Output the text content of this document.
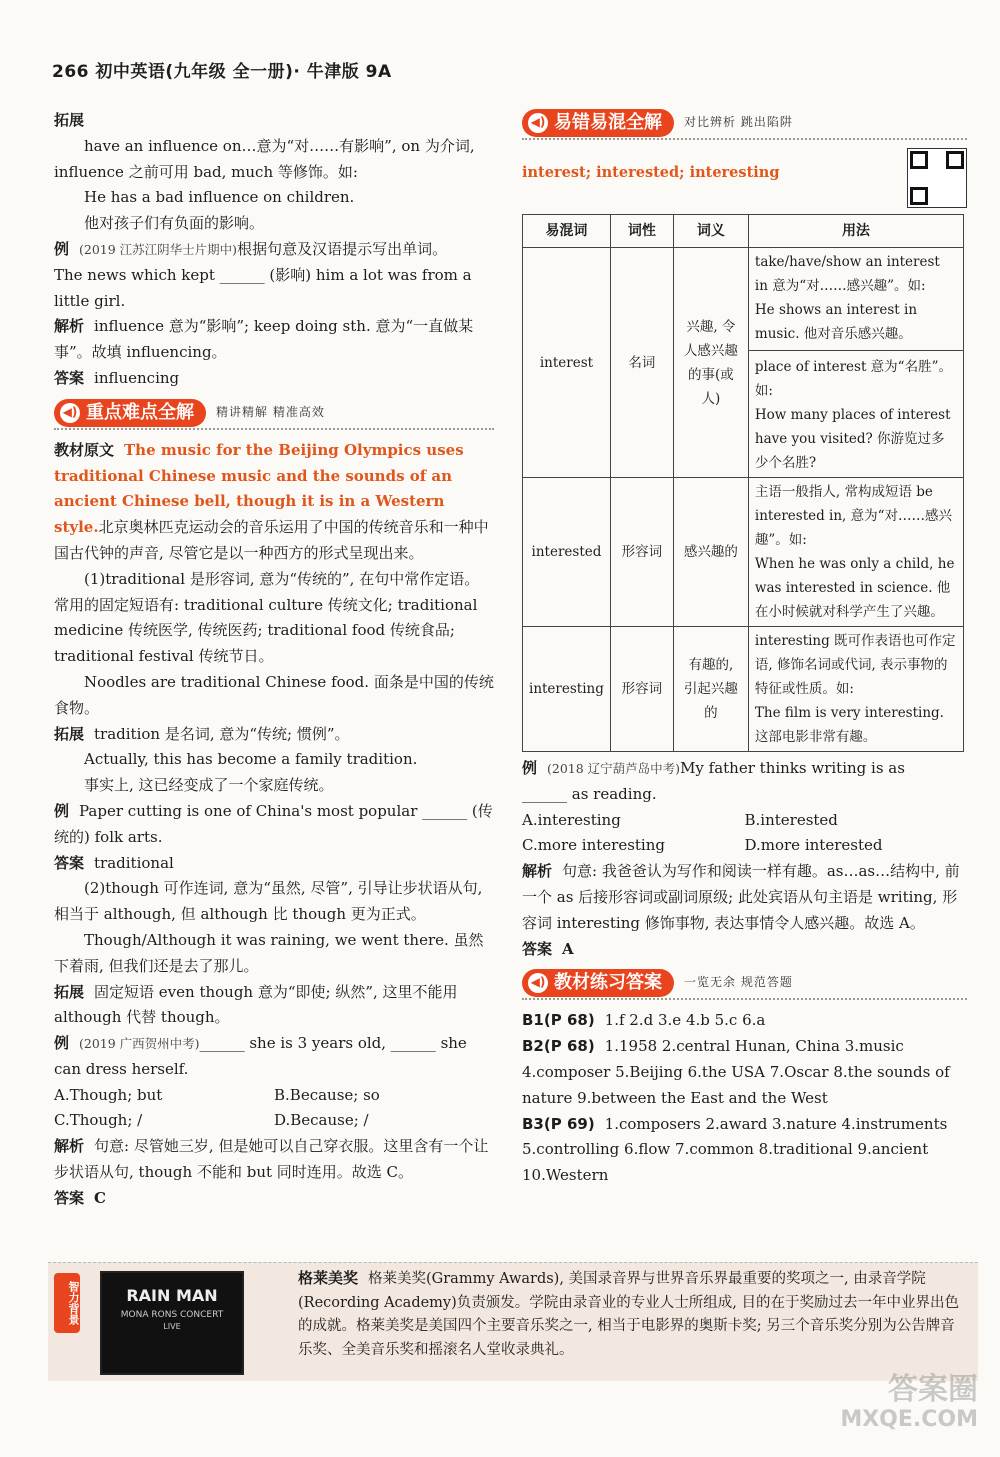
266 初中英语(九年级 全一册)· 牛津版 9A

拓展

have an influence on…意为“对……有影响”, on 为介词, influence 之前可用 bad, much 等修饰。如:

He has a bad influence on children.

他对孩子们有负面的影响。

例 (2019 江苏江阴华士片期中)根据句意及汉语提示写出单词。

The news which kept ______ (影响) him a lot was from a little girl.

解析 influence 意为“影响”; keep doing sth. 意为“一直做某事”。故填 influencing。

答案 influencing

◀) 重点难点全解 精讲精解 精准高效

教材原文 The music for the Beijing Olympics uses traditional Chinese music and the sounds of an ancient Chinese bell, though it is in a Western style.北京奥林匹克运动会的音乐运用了中国的传统音乐和一种中国古代钟的声音, 尽管它是以一种西方的形式呈现出来。

(1)traditional 是形容词, 意为“传统的”, 在句中常作定语。常用的固定短语有: traditional culture 传统文化; traditional medicine 传统医学, 传统医药; traditional food 传统食品; traditional festival 传统节日。

Noodles are traditional Chinese food. 面条是中国的传统食物。

拓展 tradition 是名词, 意为“传统; 惯例”。

Actually, this has become a family tradition.

事实上, 这已经变成了一个家庭传统。

例 Paper cutting is one of China's most popular ______ (传统的) folk arts.

答案 traditional

(2)though 可作连词, 意为“虽然, 尽管”, 引导让步状语从句, 相当于 although, 但 although 比 though 更为正式。

Though/Although it was raining, we went there. 虽然下着雨, 但我们还是去了那儿。

拓展 固定短语 even though 意为“即使; 纵然”, 这里不能用 although 代替 though。

例 (2019 广西贺州中考)______ she is 3 years old, ______ she can dress herself.

A.Though; but	B.Because; so
C.Though; /	D.Because; /

解析 句意: 尽管她三岁, 但是她可以自己穿衣服。这里含有一个让步状语从句, though 不能和 but 同时连用。故选 C。

答案 C

◀) 易错易混全解 对比辨析 跳出陷阱

interest; interested; interesting

易混词	词性	词义	用法
interest	名词	兴趣, 令人感兴趣的事(或人)	take/have/show an interest in 意为“对……感兴趣”。如:
He shows an interest in music. 他对音乐感兴趣。
place of interest 意为“名胜”。如:
How many places of interest have you visited? 你游览过多少个名胜?

interested	形容词	感兴趣的	主语一般指人, 常构成短语 be interested in, 意为“对……感兴趣”。如:
When he was only a child, he was interested in science. 他在小时候就对科学产生了兴趣。

interesting	形容词	有趣的, 引起兴趣的	interesting 既可作表语也可作定语, 修饰名词或代词, 表示事物的特征或性质。如:
The film is very interesting. 这部电影非常有趣。

例 (2018 辽宁葫芦岛中考)My father thinks writing is as

______ as reading.

A.interesting	B.interested
C.more interesting	D.more interested

解析 句意: 我爸爸认为写作和阅读一样有趣。as…as…结构中, 前一个 as 后接形容词或副词原级; 此处宾语从句主语是 writing, 形容词 interesting 修饰事物, 表达事情令人感兴趣。故选 A。

答案 A

◀) 教材练习答案 一览无余 规范答题

B1(P 68) 1.f 2.d 3.e 4.b 5.c 6.a

B2(P 68) 1.1958 2.central Hunan, China 3.music 4.composer 5.Beijing 6.the USA 7.Oscar 8.the sounds of nature 9.between the East and the West

B3(P 69) 1.composers 2.award 3.nature 4.instruments 5.controlling 6.flow 7.common 8.traditional 9.ancient 10.Western

智力背景	RAIN MAN
MONA RONS CONCERT
LIVE
格莱美奖 格莱美奖(Grammy Awards), 美国录音界与世界音乐界最重要的奖项之一, 由录音学院(Recording Academy)负责颁发。学院由录音业的专业人士所组成, 目的在于奖励过去一年中业界出色的成就。格莱美奖是美国四个主要音乐奖之一, 相当于电影界的奥斯卡奖; 另三个音乐奖分别为公告牌音乐奖、全美音乐奖和摇滚名人堂收录典礼。
答案圈
MXQE.COM
